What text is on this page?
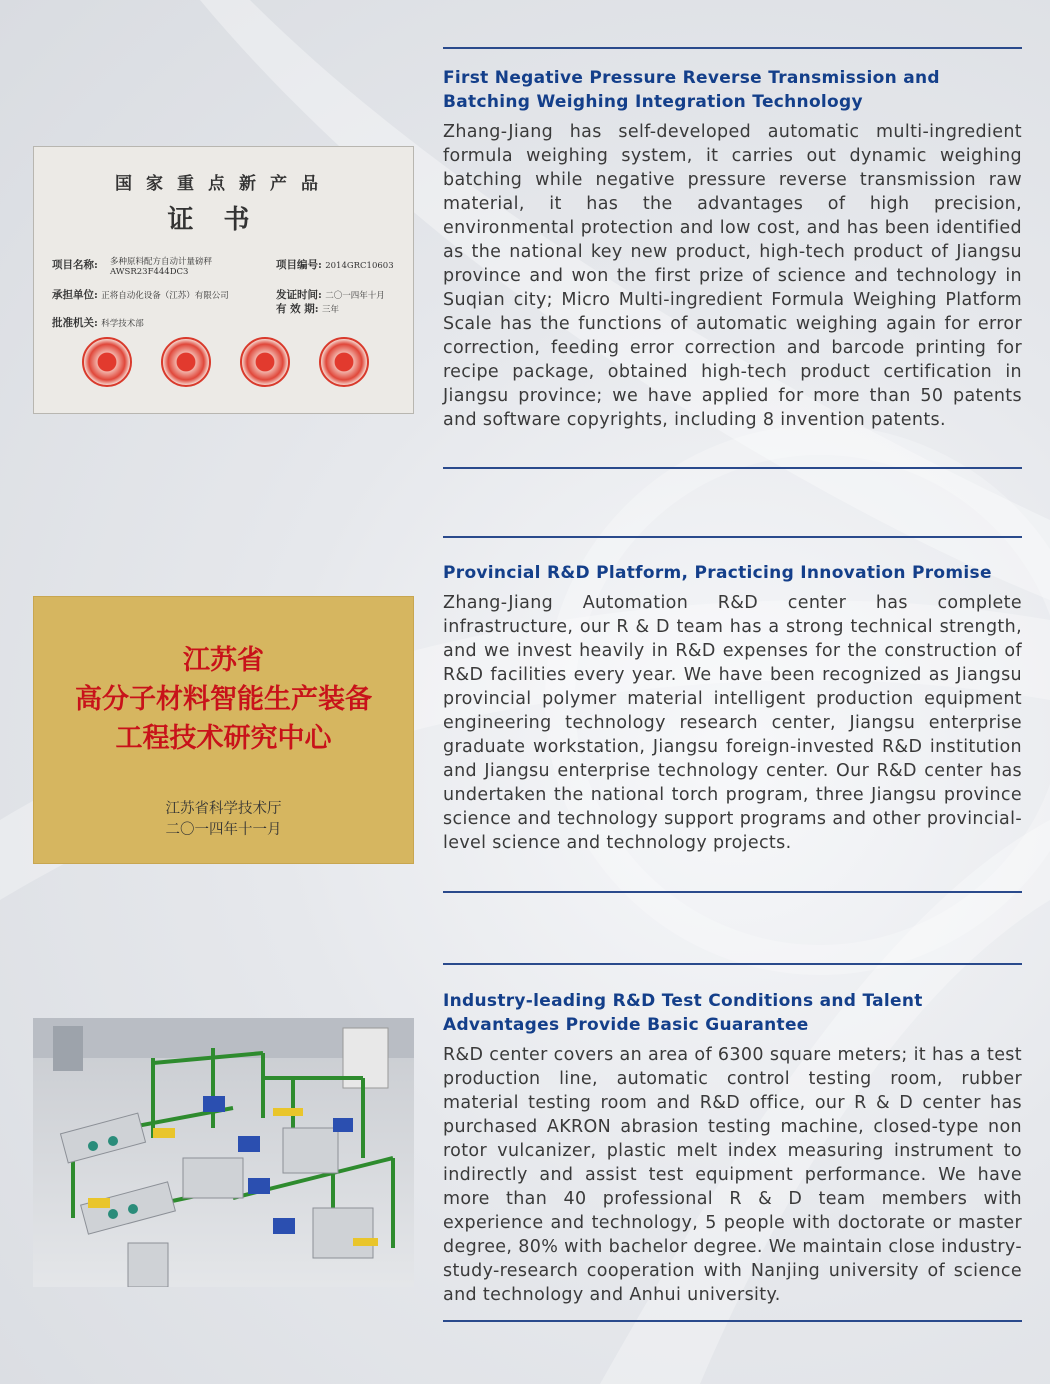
First Negative Pressure Reverse Transmission and Batching Weighing Integration Technology

Zhang-Jiang has self-developed automatic multi-ingredient formula weighing system, it carries out dynamic weighing batching while negative pressure reverse transmission raw material, it has the advantages of high precision, environmental protection and low cost, and has been identified as the national key new product, high-tech product of Jiangsu province and won the first prize of science and technology in Suqian city; Micro Multi-ingredient Formula Weighing Platform Scale has the functions of automatic weighing again for error correction, feeding error correction and barcode printing for recipe package, obtained high-tech product certification in Jiangsu province; we have applied for more than 50 patents and software copyrights, including 8 invention patents.

国家重点新产品
证书
项目名称: 多种原料配方自动计量磅秤 AWSR23F444DC3
项目编号: 2014GRC10603
承担单位: 正将自动化设备（江苏）有限公司	发证时间: 二〇一四年十月
有 效 期: 三年
批准机关: 科学技术部
Provincial R&D Platform, Practicing Innovation Promise

Zhang-Jiang Automation R&D center has complete infrastructure, our R & D team has a strong technical strength, and we invest heavily in R&D expenses for the construction of R&D facilities every year. We have been recognized as Jiangsu provincial polymer material intelligent production equipment engineering technology research center, Jiangsu enterprise graduate workstation, Jiangsu foreign-invested R&D institution and Jiangsu enterprise technology center. Our R&D center has undertaken the national torch program, three Jiangsu province science and technology support programs and other provincial-level science and technology projects.

江苏省
高分子材料智能生产装备
工程技术研究中心
江苏省科学技术厅
二〇一四年十一月
Industry-leading R&D Test Conditions and Talent Advantages Provide Basic Guarantee

R&D center covers an area of 6300 square meters; it has a test production line, automatic control testing room, rubber material testing room and R&D office, our R & D center has purchased AKRON abrasion testing machine, closed-type non rotor vulcanizer, plastic melt index measuring instrument to indirectly and assist test equipment performance. We have more than 40 professional R & D team members with experience and technology, 5 people with doctorate or master degree, 80% with bachelor degree. We maintain close industry-study-research cooperation with Nanjing university of science and technology and Anhui university.
